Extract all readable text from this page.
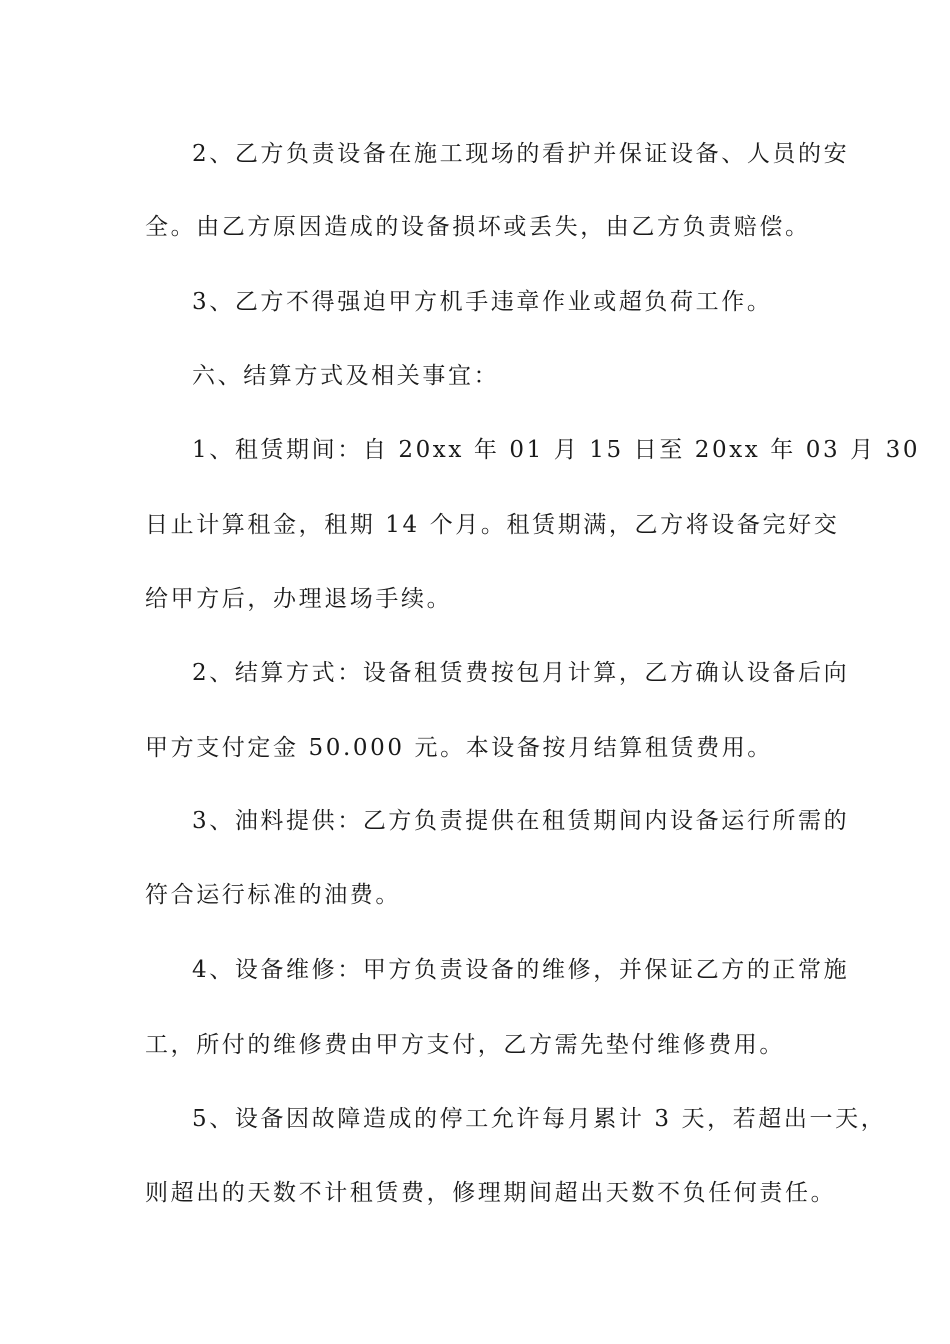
2、乙方负责设备在施工现场的看护并保证设备、人员的安
全。由乙方原因造成的设备损坏或丢失，由乙方负责赔偿。
3、乙方不得强迫甲方机手违章作业或超负荷工作。
六、结算方式及相关事宜：
1、租赁期间：自 20xx 年 01 月 15 日至 20xx 年 03 月 30
日止计算租金，租期 14 个月。租赁期满，乙方将设备完好交
给甲方后，办理退场手续。
2、结算方式：设备租赁费按包月计算，乙方确认设备后向
甲方支付定金 50.000 元。本设备按月结算租赁费用。
3、油料提供：乙方负责提供在租赁期间内设备运行所需的
符合运行标准的油费。
4、设备维修：甲方负责设备的维修，并保证乙方的正常施
工，所付的维修费由甲方支付，乙方需先垫付维修费用。
5、设备因故障造成的停工允许每月累计 3 天，若超出一天，
则超出的天数不计租赁费，修理期间超出天数不负任何责任。
